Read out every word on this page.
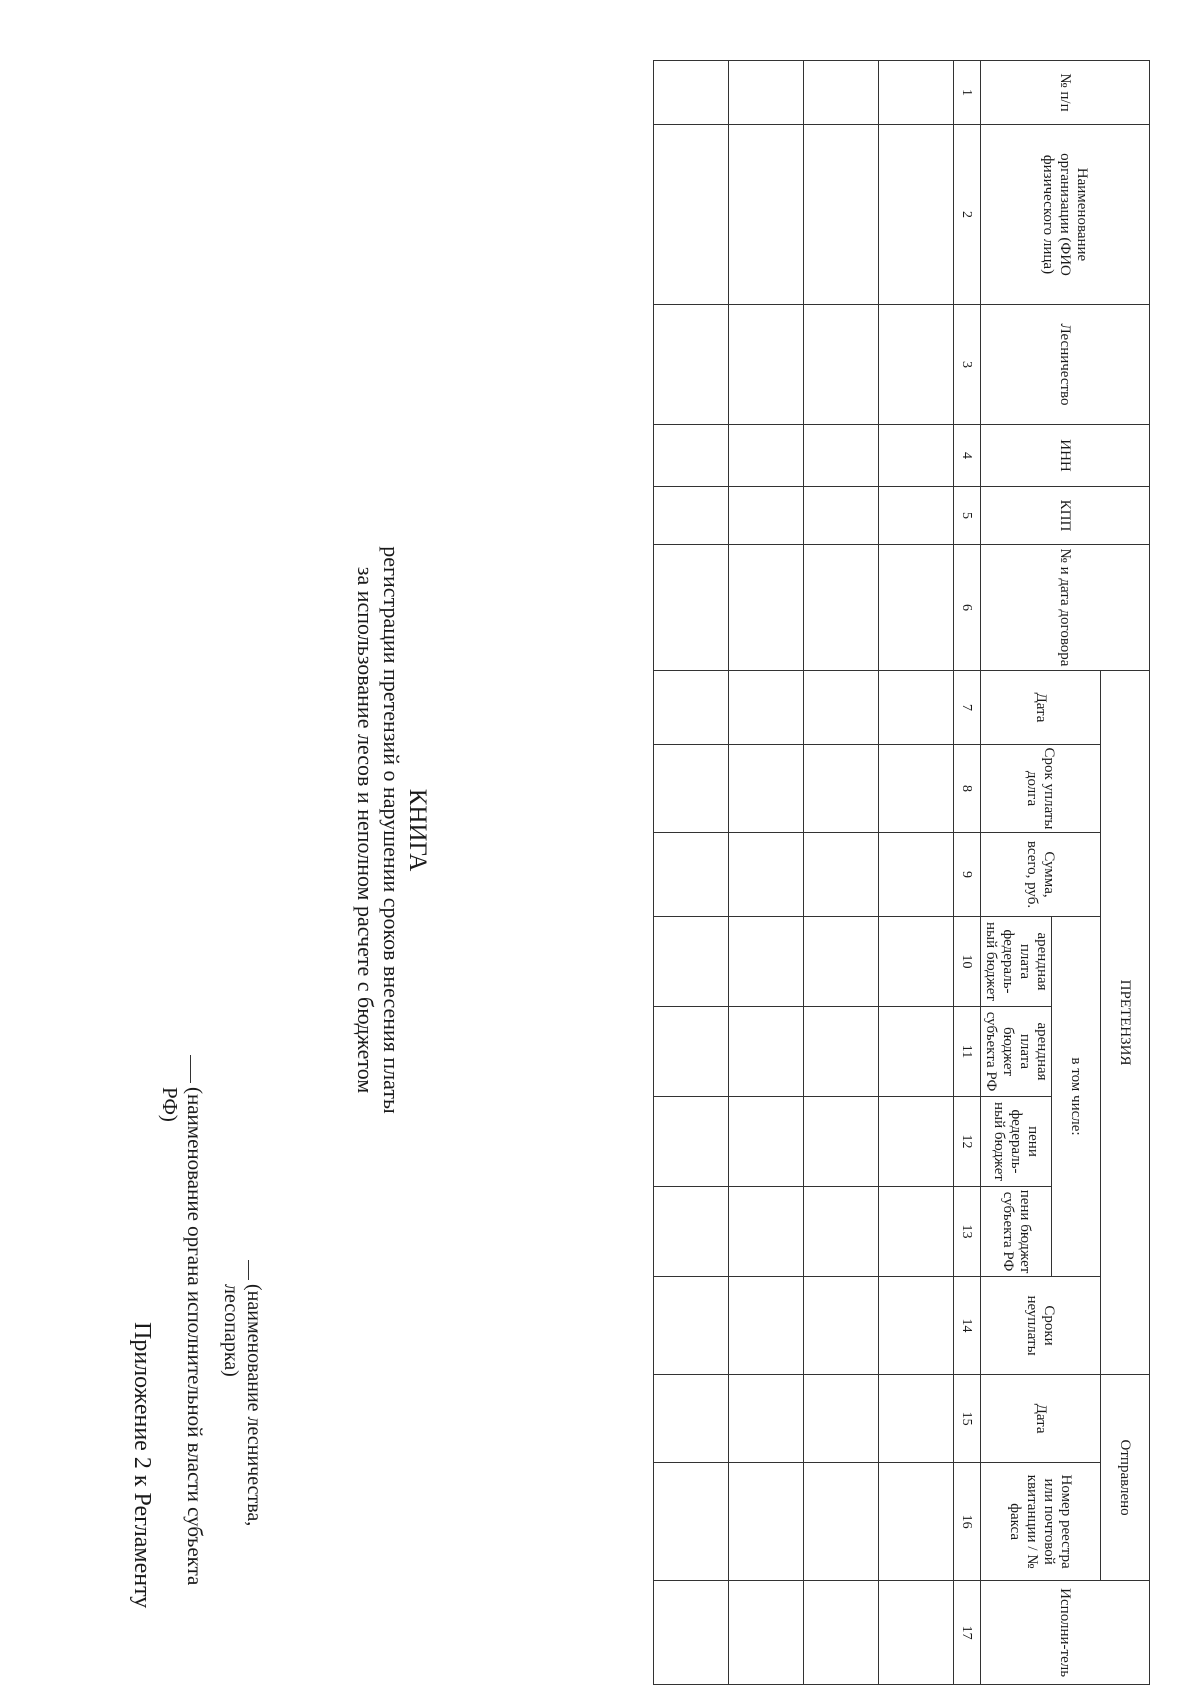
Приложение 2 к Регламенту	(наименование органа исполнительной власти субъекта РФ)
(наименование лесничества, лесопарка)
КНИГА
регистрации претензий о нарушении сроков внесения платы
за использование лесов и неполном расчете с бюджетом
№ п/п	Наименование организации (ФИО физического лица)	Лесничество	ИНН	КПП	№ и дата договора	ПРЕТЕНЗИЯ								Отправлено		Исполни-тель
						Дата	Срок уплаты долга	Сумма, всего, руб.	в том числе:				Сроки неуплаты	Дата	Номер реестра или почтовой квитанции / № факса	
									арендная плата федераль-ный бюджет	арендная плата бюджет субъекта РФ	пени федераль-ный бюджет	пени бюджет субъекта РФ				
1	2	3	4	5	6	7	8	9	10	11	12	13	14	15	16	17
